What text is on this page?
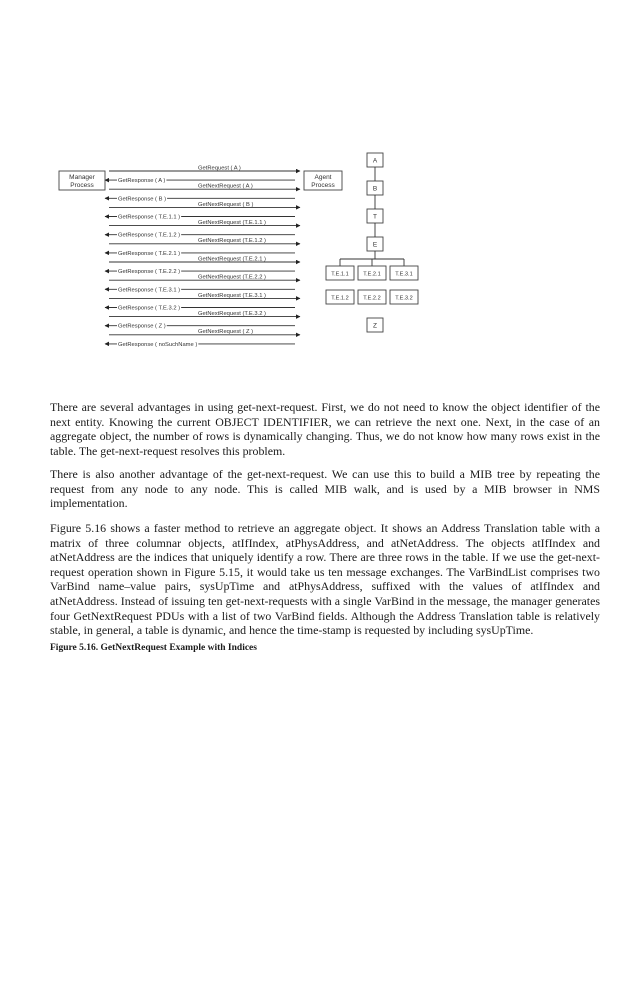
Manager
Process
Agent
Process
GetRequest ( A )
GetResponse ( A )
GetNextRequest ( A )
GetResponse ( B )
GetNextRequest ( B )
GetResponse ( T.E.1.1 )
GetNextRequest (T.E.1.1 )
GetResponse ( T.E.1.2 )
GetNextRequest (T.E.1.2 )
GetResponse ( T.E.2.1 )
GetNextRequest (T.E.2.1 )
GetResponse ( T.E.2.2 )
GetNextRequest (T.E.2.2 )
GetResponse ( T.E.3.1 )
GetNextRequest (T.E.3.1 )
GetResponse ( T.E.3.2 )
GetNextRequest (T.E.3.2 )
GetResponse ( Z )
GetNextRequest ( Z )
GetResponse ( noSuchName )
A
B
T
E
T.E.1.1
T.E.1.2
T.E.2.1
T.E.2.2
T.E.3.1
T.E.3.2
Z

There are several advantages in using get-next-request. First, we do not need to know the object identifier of the next entity. Knowing the current OBJECT IDENTIFIER, we can retrieve the next one. Next, in the case of an aggregate object, the number of rows is dynamically changing. Thus, we do not know how many rows exist in the table. The get-next-request resolves this problem.

There is also another advantage of the get-next-request. We can use this to build a MIB tree by repeating the request from any node to any node. This is called MIB walk, and is used by a MIB browser in NMS implementation.

Figure 5.16 shows a faster method to retrieve an aggregate object. It shows an Address Translation table with a matrix of three columnar objects, atIfIndex, atPhysAddress, and atNetAddress. The objects atIfIndex and atNetAddress are the indices that uniquely identify a row. There are three rows in the table. If we use the get-next-request operation shown in Figure 5.15, it would take us ten message exchanges. The VarBindList comprises two VarBind name–value pairs, sysUpTime and atPhysAddress, suffixed with the values of atIfIndex and atNetAddress. Instead of issuing ten get-next-requests with a single VarBind in the message, the manager generates four GetNextRequest PDUs with a list of two VarBind fields. Although the Address Translation table is relatively stable, in general, a table is dynamic, and hence the time-stamp is requested by including sysUpTime.

Figure 5.16. GetNextRequest Example with Indices
